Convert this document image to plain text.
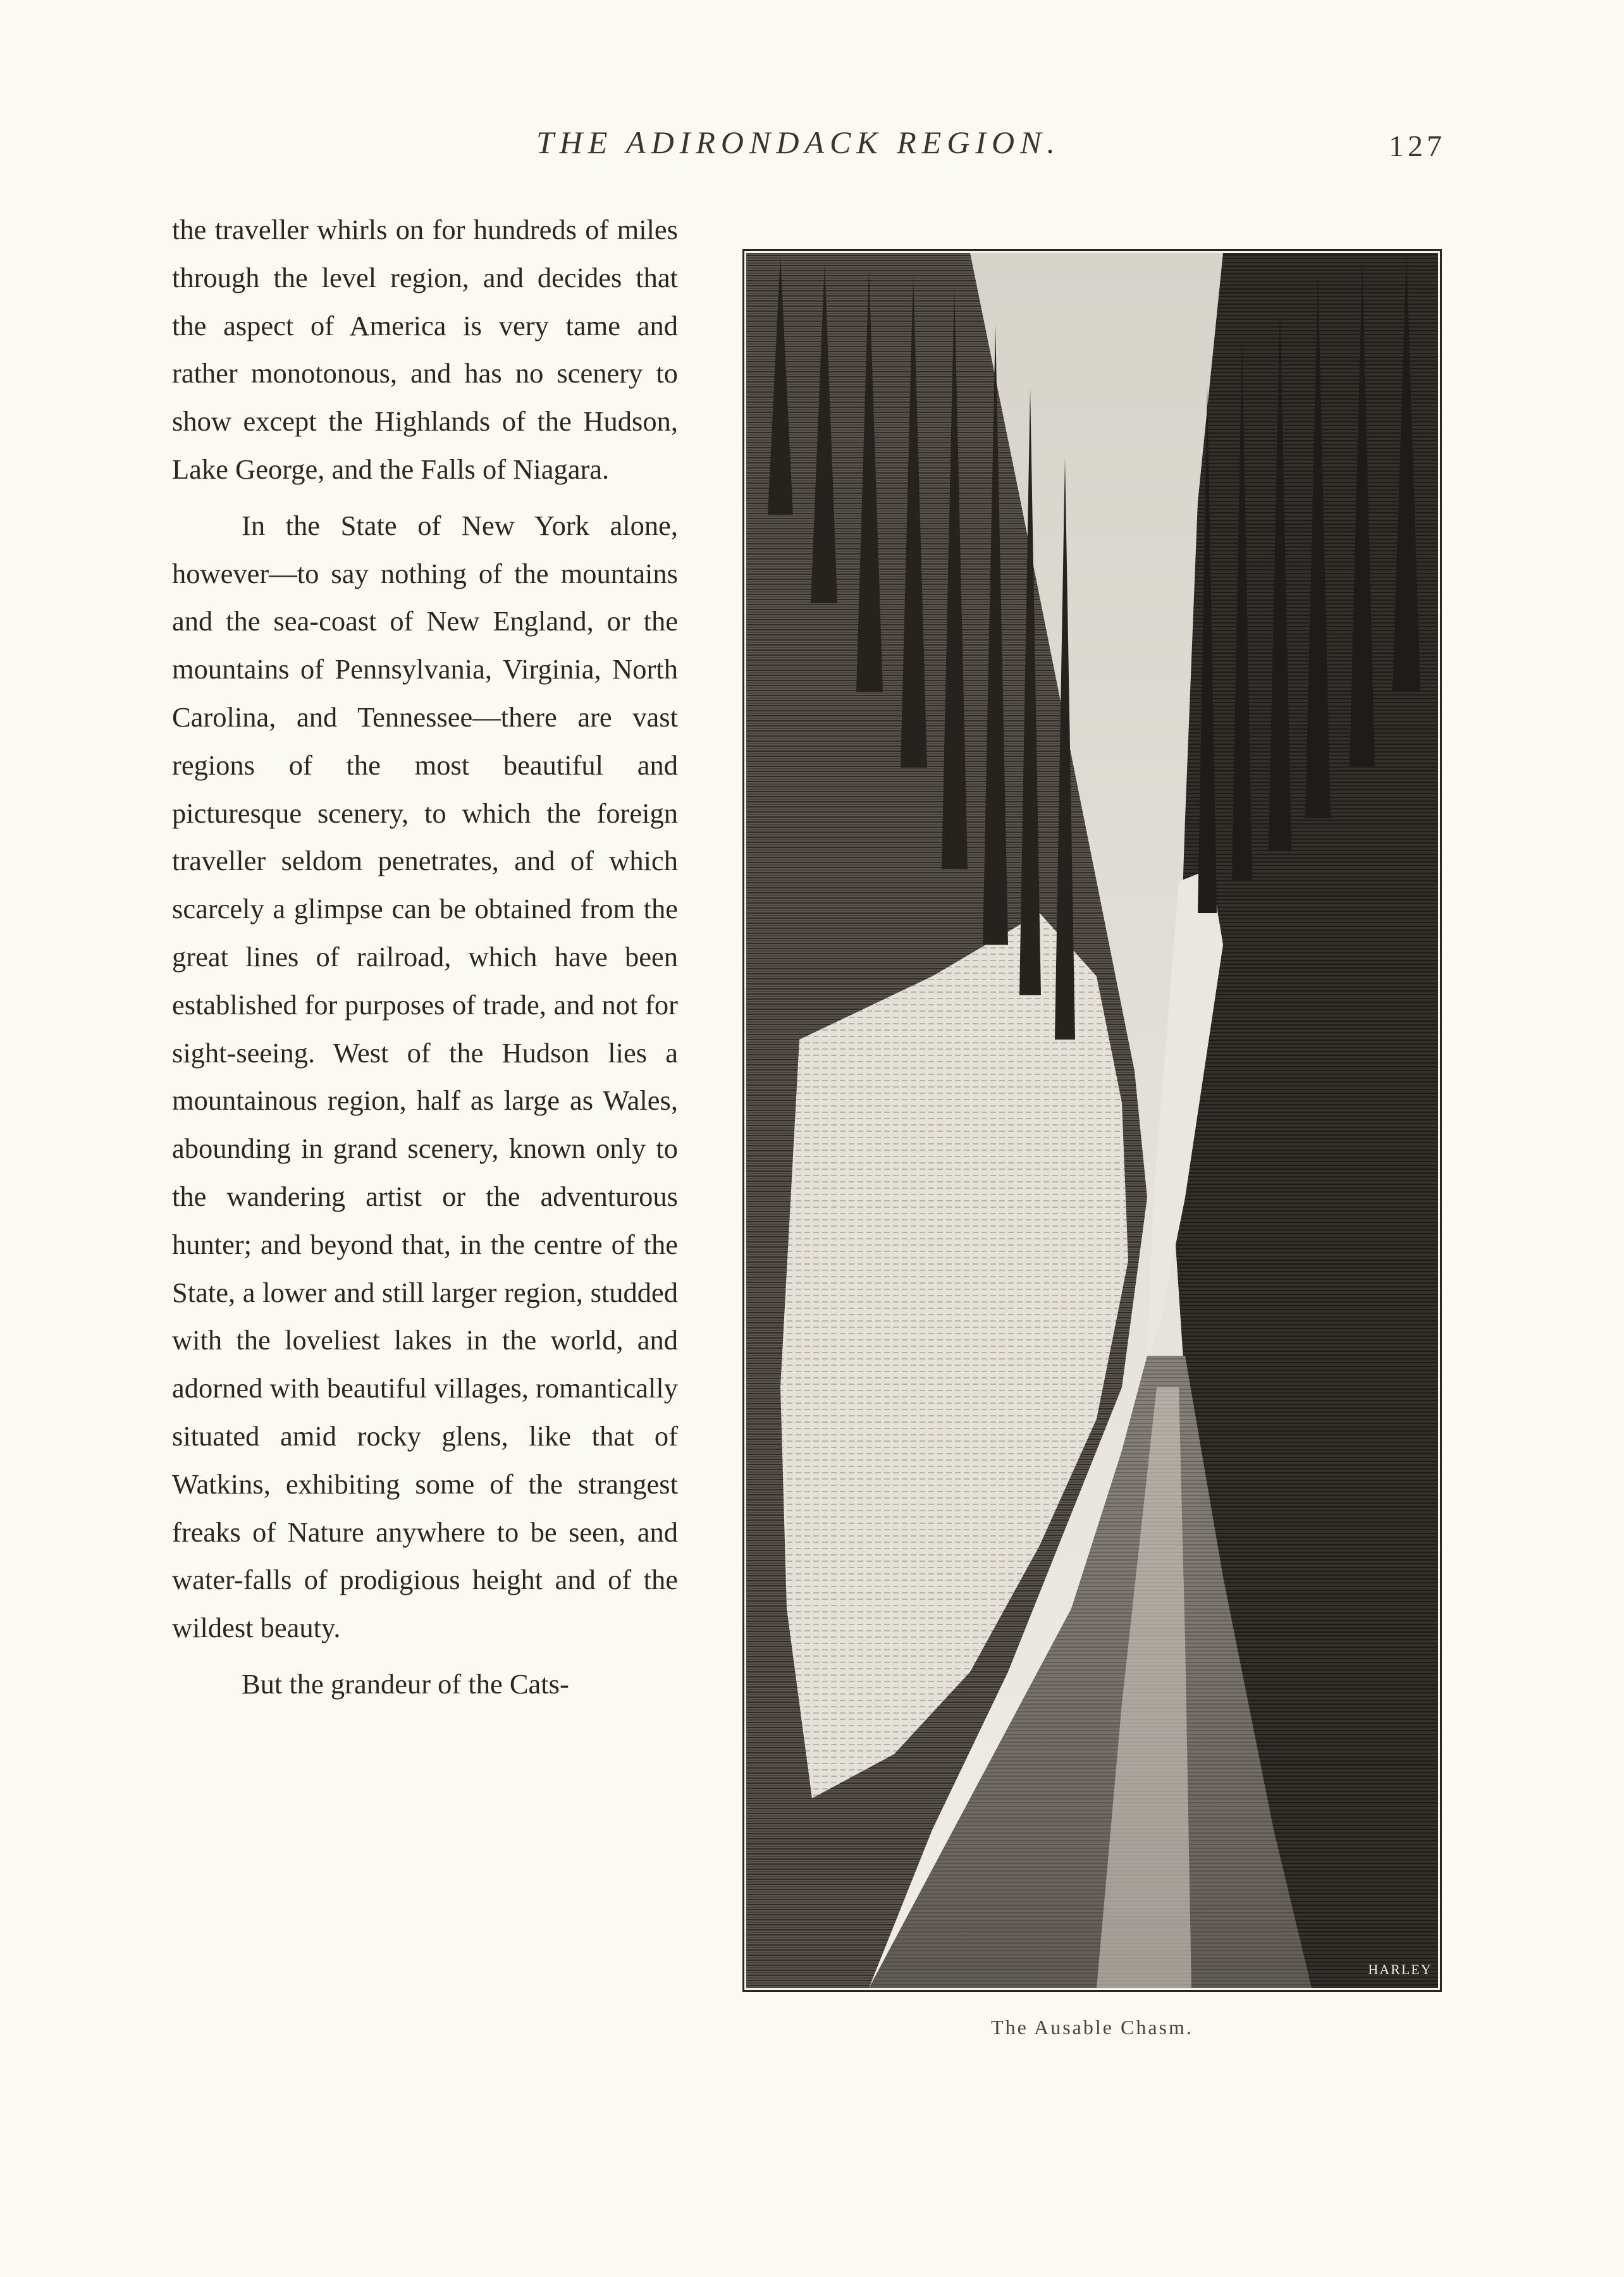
THE ADIRONDACK REGION.	127

the traveller whirls on for hundreds of miles through the level region, and decides that the aspect of America is very tame and rather monotonous, and has no scenery to show except the Highlands of the Hudson, Lake George, and the Falls of Niagara.

In the State of New York alone, however—to say nothing of the mountains and the sea-coast of New England, or the mountains of Pennsylvania, Virginia, North Carolina, and Tennessee—there are vast regions of the most beautiful and picturesque scenery, to which the foreign traveller seldom penetrates, and of which scarcely a glimpse can be obtained from the great lines of railroad, which have been established for purposes of trade, and not for sight-seeing. West of the Hudson lies a mountainous region, half as large as Wales, abounding in grand scenery, known only to the wandering artist or the adventurous hunter; and beyond that, in the centre of the State, a lower and still larger region, studded with the loveliest lakes in the world, and adorned with beautiful villages, romantically situated amid rocky glens, like that of Watkins, exhibiting some of the strangest freaks of Nature anywhere to be seen, and water-falls of prodigious height and of the wildest beauty.

But the grandeur of the Cats-

HARLEY
The Ausable Chasm.
